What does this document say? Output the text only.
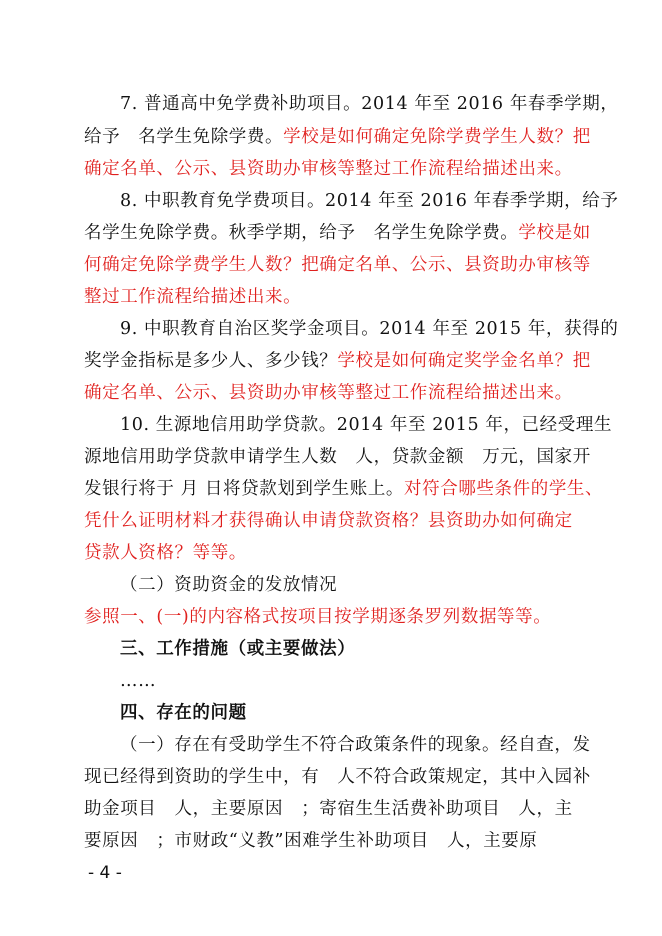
7. 普通高中免学费补助项目。2014 年至 2016 年春季学期，
给予　名学生免除学费。学校是如何确定免除学费学生人数？把
确定名单、公示、县资助办审核等整过工作流程给描述出来。
8. 中职教育免学费项目。2014 年至 2016 年春季学期，给予
名学生免除学费。秋季学期，给予　名学生免除学费。学校是如
何确定免除学费学生人数？把确定名单、公示、县资助办审核等
整过工作流程给描述出来。
9. 中职教育自治区奖学金项目。2014 年至 2015 年，获得的
奖学金指标是多少人、多少钱？学校是如何确定奖学金名单？把
确定名单、公示、县资助办审核等整过工作流程给描述出来。
10. 生源地信用助学贷款。2014 年至 2015 年，已经受理生
源地信用助学贷款申请学生人数　人，贷款金额　万元，国家开
发银行将于 月 日将贷款划到学生账上。对符合哪些条件的学生、
凭什么证明材料才获得确认申请贷款资格？县资助办如何确定
贷款人资格？等等。
（二）资助资金的发放情况
参照一、(一)的内容格式按项目按学期逐条罗列数据等等。
三、工作措施（或主要做法）
……
四、存在的问题
（一）存在有受助学生不符合政策条件的现象。经自查，发
现已经得到资助的学生中，有　人不符合政策规定，其中入园补
助金项目　人，主要原因　；寄宿生生活费补助项目　人，主
要原因　；市财政“义教”困难学生补助项目　人，主要原
- 4 -
